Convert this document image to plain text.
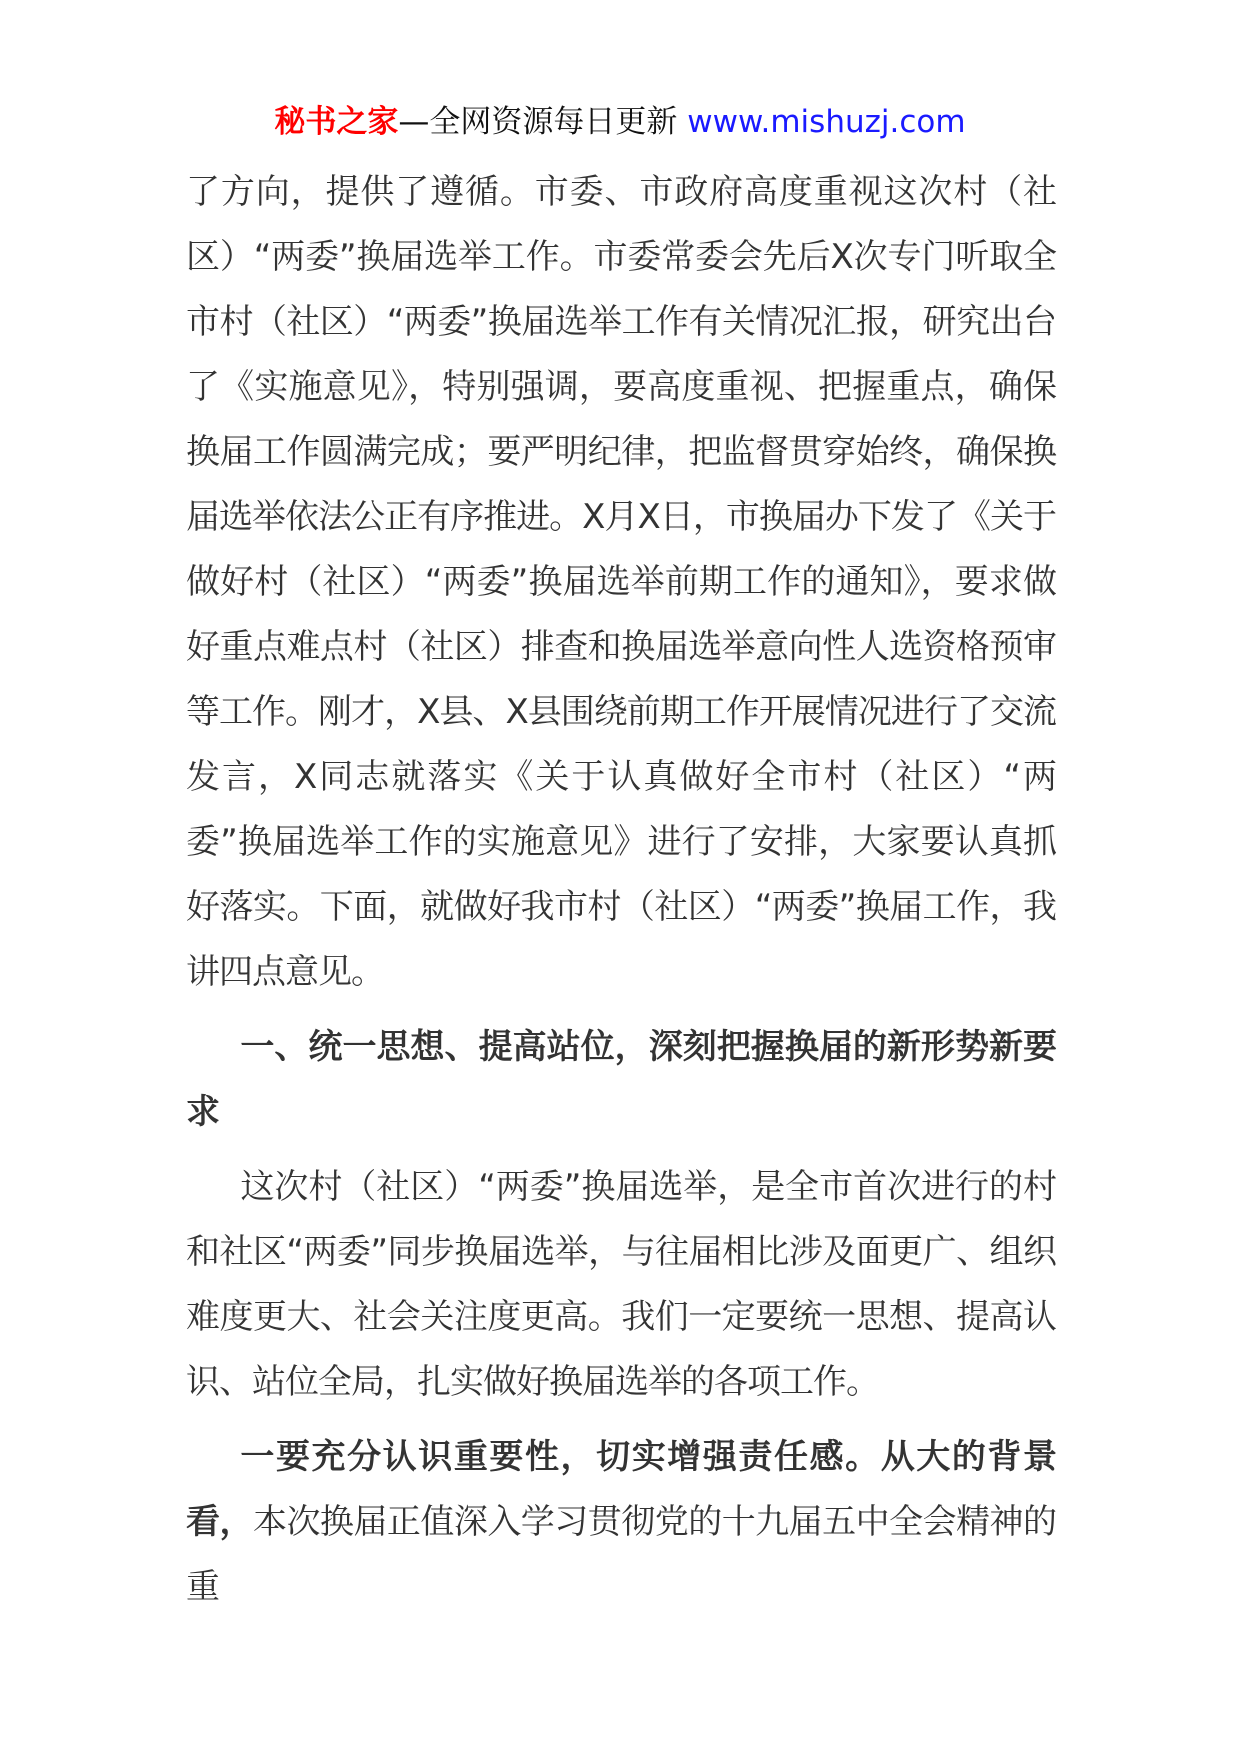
秘书之家—全网资源每日更新 www.mishuzj.com

了方向，提供了遵循。市委、市政府高度重视这次村（社区）“两委”换届选举工作。市委常委会先后Ⅹ次专门听取全市村（社区）“两委”换届选举工作有关情况汇报，研究出台了《实施意见》，特别强调，要高度重视、把握重点，确保换届工作圆满完成；要严明纪律，把监督贯穿始终，确保换届选举依法公正有序推进。Ⅹ月Ⅹ日，市换届办下发了《关于做好村（社区）“两委”换届选举前期工作的通知》，要求做好重点难点村（社区）排查和换届选举意向性人选资格预审等工作。刚才，Ⅹ县、Ⅹ县围绕前期工作开展情况进行了交流发言，Ⅹ同志就落实《关于认真做好全市村（社区）“两委”换届选举工作的实施意见》进行了安排，大家要认真抓好落实。下面，就做好我市村（社区）“两委”换届工作，我讲四点意见。

一、统一思想、提高站位，深刻把握换届的新形势新要求

这次村（社区）“两委”换届选举，是全市首次进行的村和社区“两委”同步换届选举，与往届相比涉及面更广、组织难度更大、社会关注度更高。我们一定要统一思想、提高认识、站位全局，扎实做好换届选举的各项工作。

一要充分认识重要性，切实增强责任感。从大的背景看，本次换届正值深入学习贯彻党的十九届五中全会精神的重
